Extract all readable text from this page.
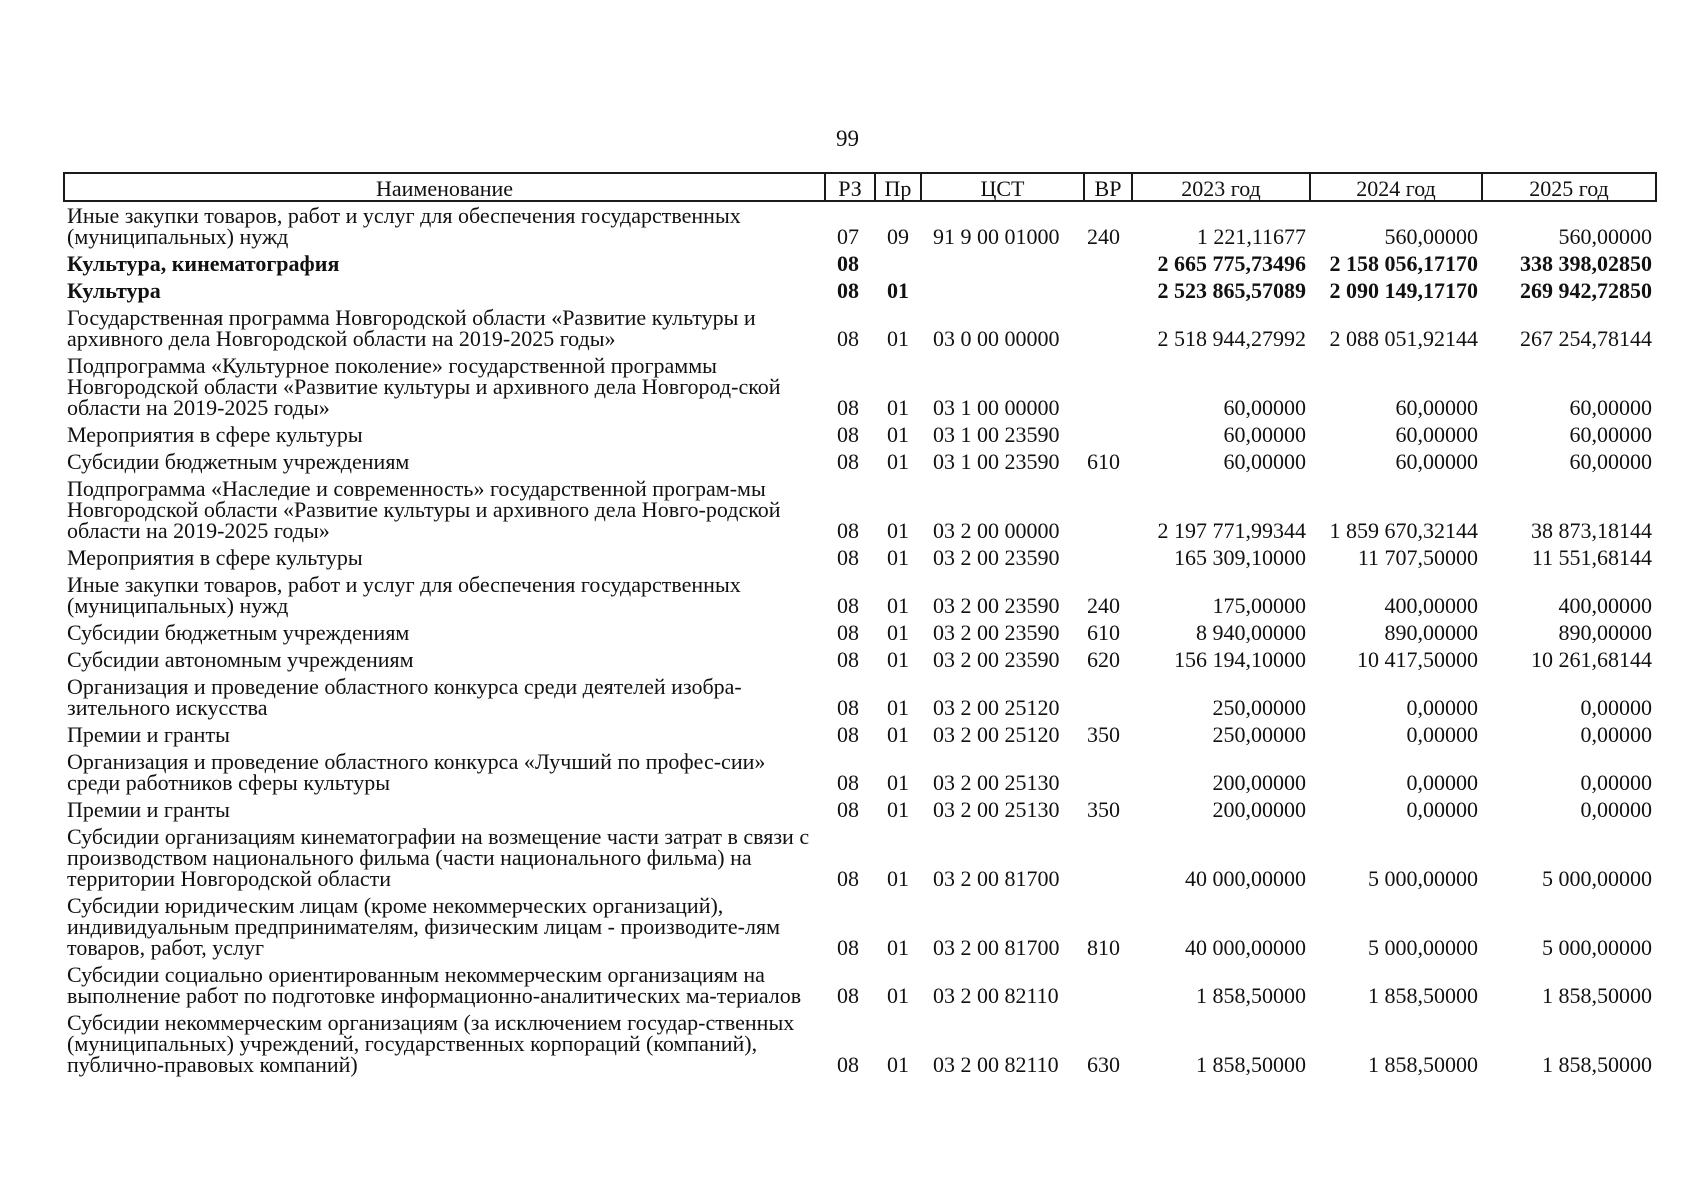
99
Наименование	РЗ	Пр	ЦСТ	ВР	2023 год	2024 год	2025 год
Иные закупки товаров, работ и услуг для обеспечения государственных (муниципальных) нужд	07	09	91 9 00 01000	240	1 221,11677	560,00000	560,00000
Культура, кинематография	08				2 665 775,73496	2 158 056,17170	338 398,02850
Культура	08	01			2 523 865,57089	2 090 149,17170	269 942,72850
Государственная программа Новгородской области «Развитие культуры и архивного дела Новгородской области на 2019-2025 годы»	08	01	03 0 00 00000		2 518 944,27992	2 088 051,92144	267 254,78144
Подпрограмма «Культурное поколение» государственной программы Новгородской области «Развитие культуры и архивного дела Новгород-ской области на 2019-2025 годы»	08	01	03 1 00 00000		60,00000	60,00000	60,00000
Мероприятия в сфере культуры	08	01	03 1 00 23590		60,00000	60,00000	60,00000
Субсидии бюджетным учреждениям	08	01	03 1 00 23590	610	60,00000	60,00000	60,00000
Подпрограмма «Наследие и современность» государственной програм-мы Новгородской области «Развитие культуры и архивного дела Новго-родской области на 2019-2025 годы»	08	01	03 2 00 00000		2 197 771,99344	1 859 670,32144	38 873,18144
Мероприятия в сфере культуры	08	01	03 2 00 23590		165 309,10000	11 707,50000	11 551,68144
Иные закупки товаров, работ и услуг для обеспечения государственных (муниципальных) нужд	08	01	03 2 00 23590	240	175,00000	400,00000	400,00000
Субсидии бюджетным учреждениям	08	01	03 2 00 23590	610	8 940,00000	890,00000	890,00000
Субсидии автономным учреждениям	08	01	03 2 00 23590	620	156 194,10000	10 417,50000	10 261,68144
Организация и проведение областного конкурса среди деятелей изобра-зительного искусства	08	01	03 2 00 25120		250,00000	0,00000	0,00000
Премии и гранты	08	01	03 2 00 25120	350	250,00000	0,00000	0,00000
Организация и проведение областного конкурса «Лучший по профес-сии» среди работников сферы культуры	08	01	03 2 00 25130		200,00000	0,00000	0,00000
Премии и гранты	08	01	03 2 00 25130	350	200,00000	0,00000	0,00000
Субсидии организациям кинематографии на возмещение части затрат в связи с производством национального фильма (части национального фильма) на территории Новгородской области	08	01	03 2 00 81700		40 000,00000	5 000,00000	5 000,00000
Субсидии юридическим лицам (кроме некоммерческих организаций), индивидуальным предпринимателям, физическим лицам - производите-лям товаров, работ, услуг	08	01	03 2 00 81700	810	40 000,00000	5 000,00000	5 000,00000
Субсидии социально ориентированным некоммерческим организациям на выполнение работ по подготовке информационно-аналитических ма-териалов	08	01	03 2 00 82110		1 858,50000	1 858,50000	1 858,50000
Субсидии некоммерческим организациям (за исключением государ-ственных (муниципальных) учреждений, государственных корпораций (компаний), публично-правовых компаний)	08	01	03 2 00 82110	630	1 858,50000	1 858,50000	1 858,50000
